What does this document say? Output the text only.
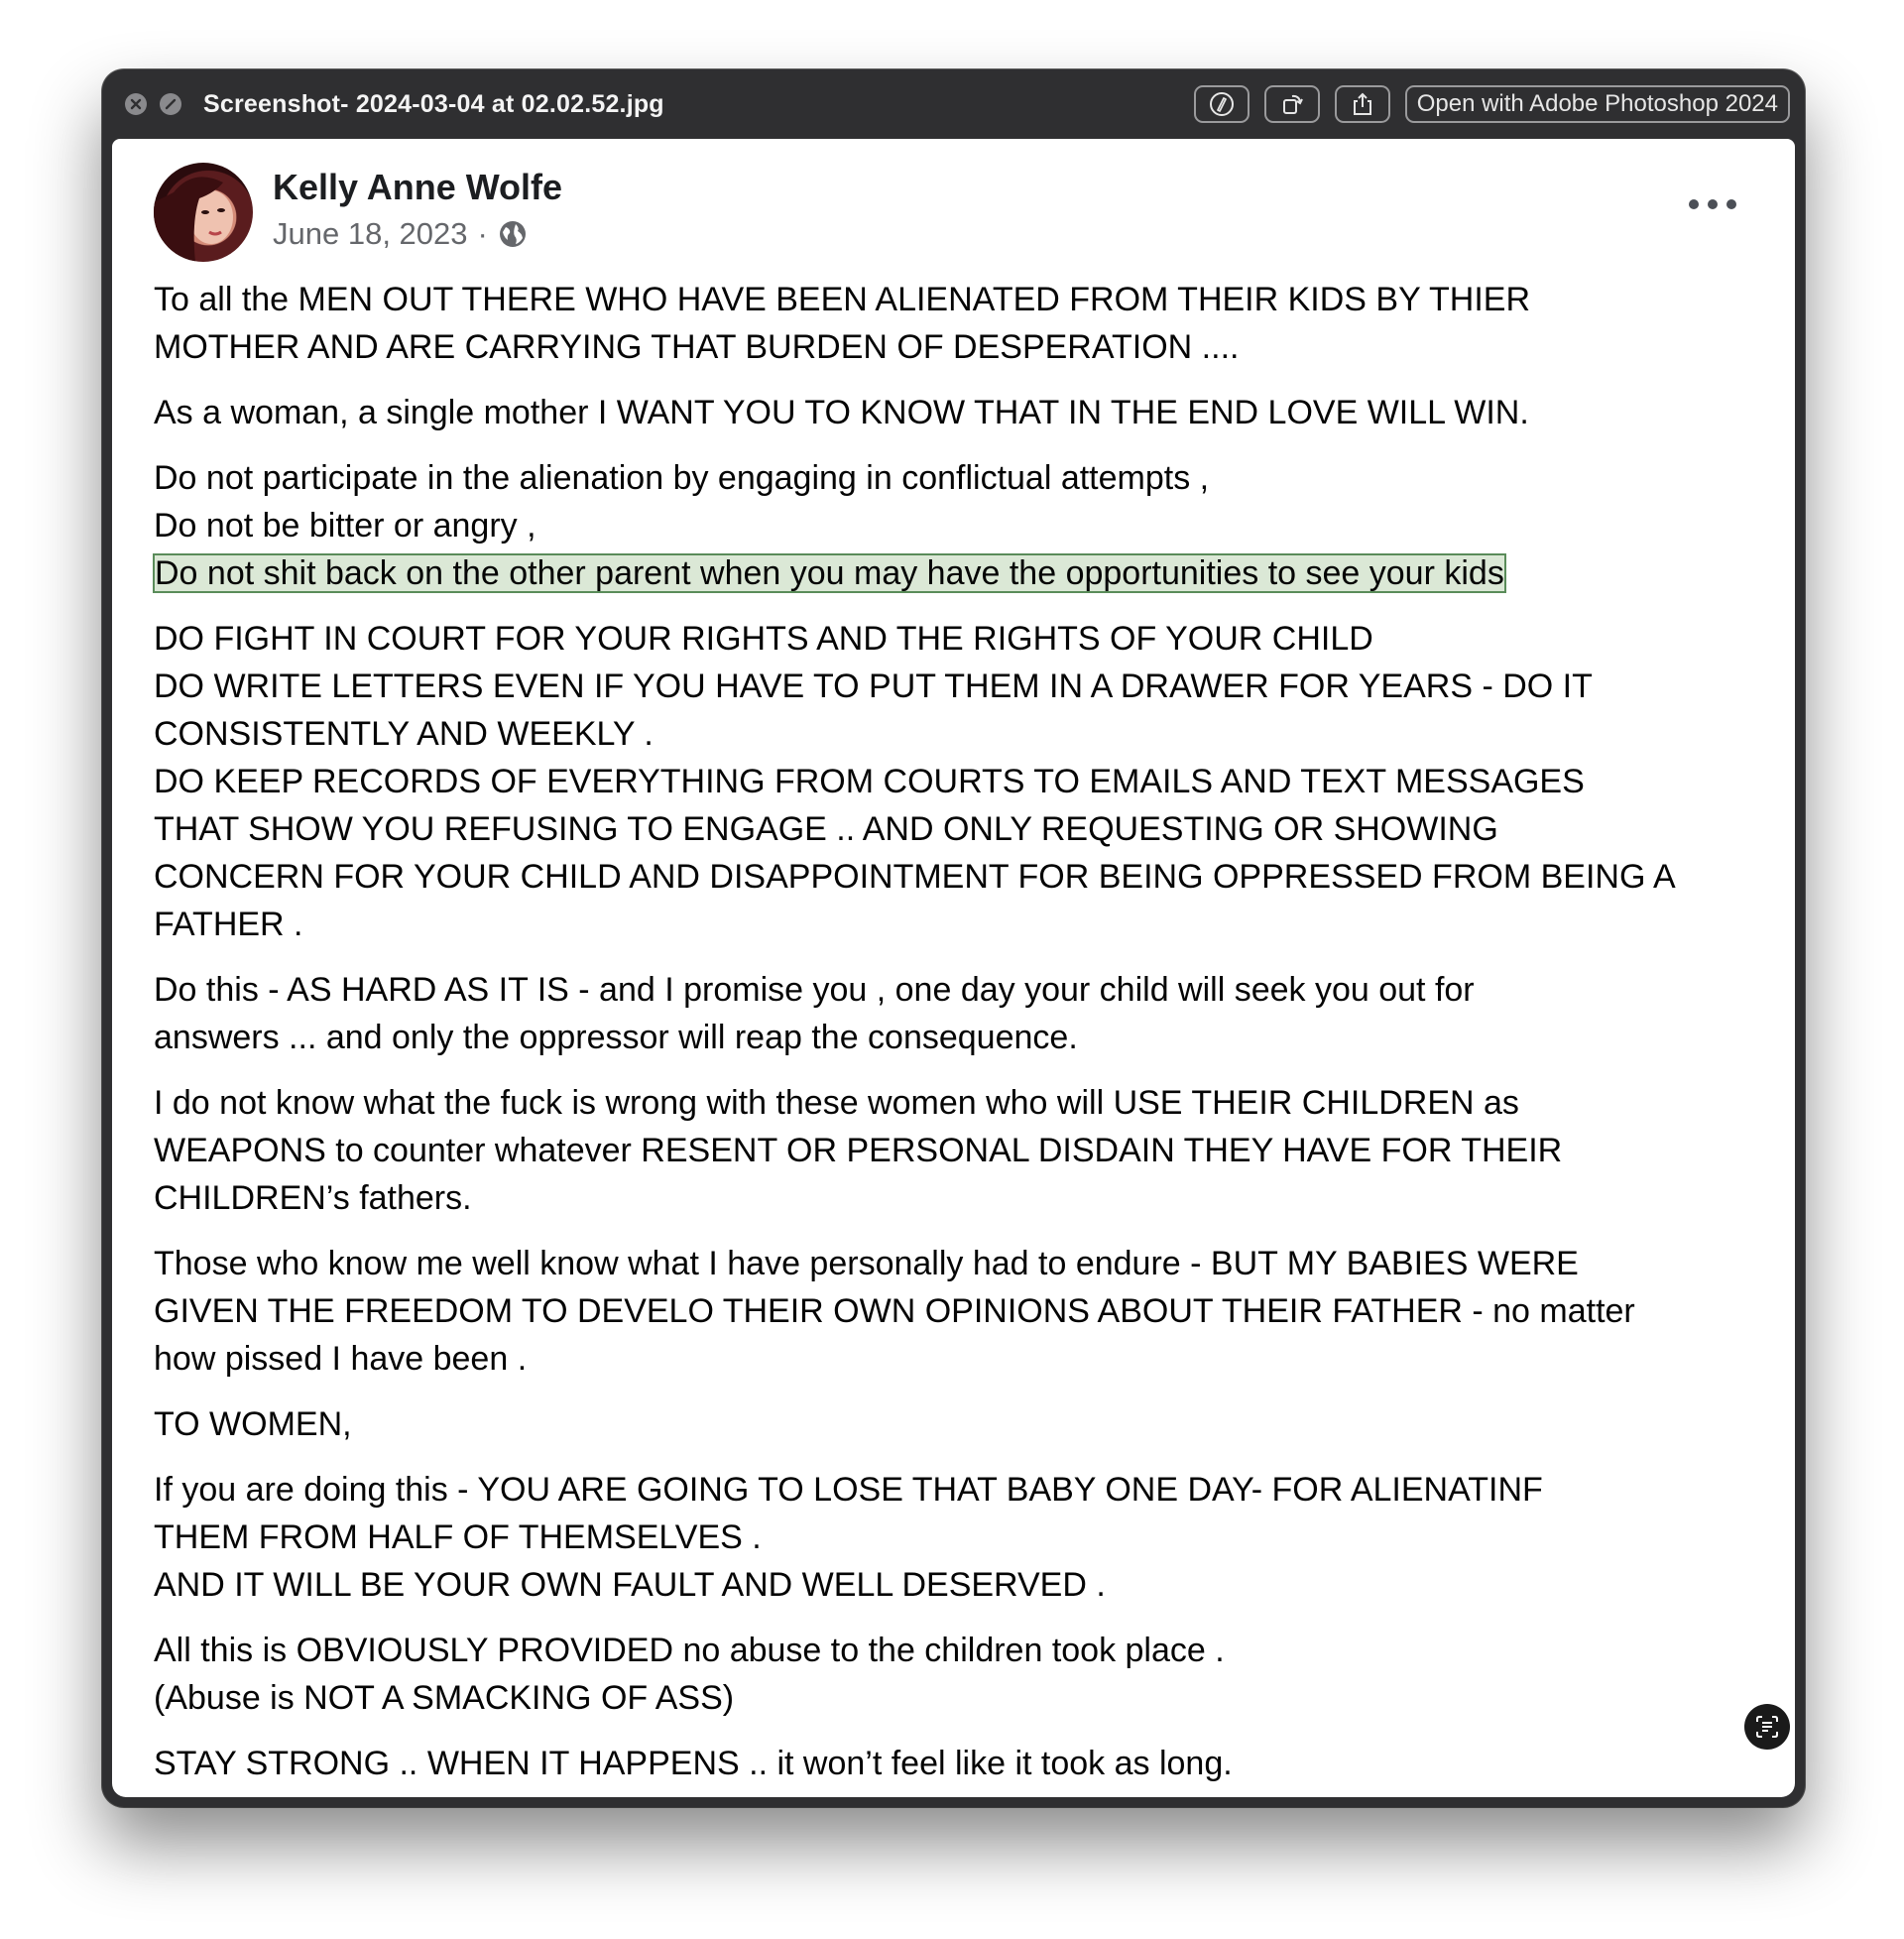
Screenshot- 2024-03-04 at 02.02.52.jpg	Open with Adobe Photoshop 2024
Kelly Anne Wolfe
June 18, 2023 ·

To all the MEN OUT THERE WHO HAVE BEEN ALIENATED FROM THEIR KIDS BY THIER
MOTHER AND ARE CARRYING THAT BURDEN OF DESPERATION ....

As a woman, a single mother I WANT YOU TO KNOW THAT IN THE END LOVE WILL WIN.

Do not participate in the alienation by engaging in conflictual attempts ,
Do not be bitter or angry ,
Do not shit back on the other parent when you may have the opportunities to see your kids

DO FIGHT IN COURT FOR YOUR RIGHTS AND THE RIGHTS OF YOUR CHILD
DO WRITE LETTERS EVEN IF YOU HAVE TO PUT THEM IN A DRAWER FOR YEARS - DO IT
CONSISTENTLY AND WEEKLY .
DO KEEP RECORDS OF EVERYTHING FROM COURTS TO EMAILS AND TEXT MESSAGES
THAT SHOW YOU REFUSING TO ENGAGE .. AND ONLY REQUESTING OR SHOWING
CONCERN FOR YOUR CHILD AND DISAPPOINTMENT FOR BEING OPPRESSED FROM BEING A
FATHER .

Do this - AS HARD AS IT IS - and I promise you , one day your child will seek you out for
answers ... and only the oppressor will reap the consequence.

I do not know what the fuck is wrong with these women who will USE THEIR CHILDREN as
WEAPONS to counter whatever RESENT OR PERSONAL DISDAIN THEY HAVE FOR THEIR
CHILDREN’s fathers.

Those who know me well know what I have personally had to endure - BUT MY BABIES WERE
GIVEN THE FREEDOM TO DEVELO THEIR OWN OPINIONS ABOUT THEIR FATHER - no matter
how pissed I have been .

TO WOMEN,

If you are doing this - YOU ARE GOING TO LOSE THAT BABY ONE DAY- FOR ALIENATINF
THEM FROM HALF OF THEMSELVES .
AND IT WILL BE YOUR OWN FAULT AND WELL DESERVED .

All this is OBVIOUSLY PROVIDED no abuse to the children took place .
(Abuse is NOT A SMACKING OF ASS)

STAY STRONG .. WHEN IT HAPPENS .. it won’t feel like it took as long.
